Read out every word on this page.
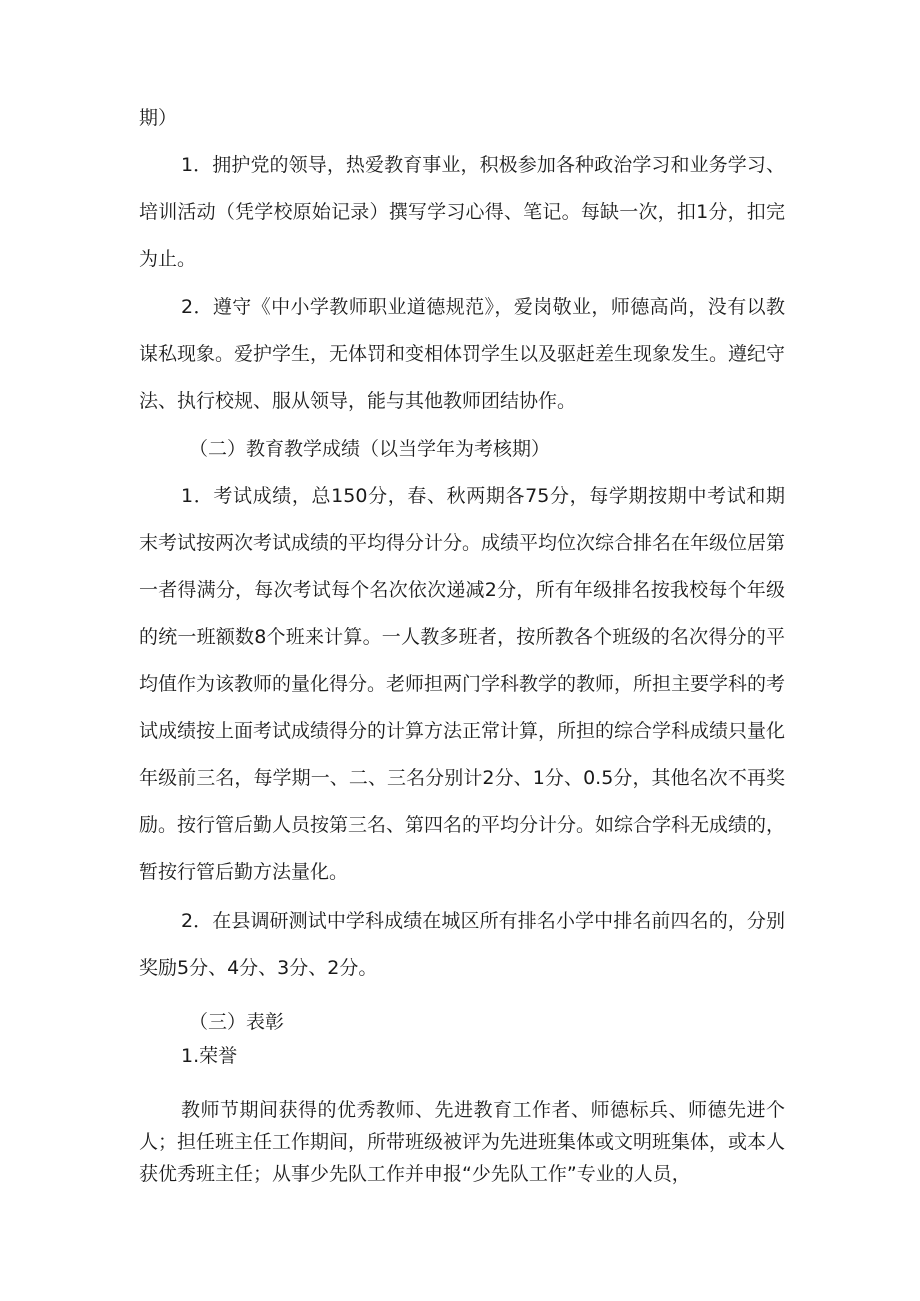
期）

1．拥护党的领导，热爱教育事业，积极参加各种政治学习和业务学习、培训活动（凭学校原始记录）撰写学习心得、笔记。每缺一次，扣1分，扣完为止。

2．遵守《中小学教师职业道德规范》，爱岗敬业，师德高尚，没有以教谋私现象。爱护学生，无体罚和变相体罚学生以及驱赶差生现象发生。遵纪守法、执行校规、服从领导，能与其他教师团结协作。

（二）教育教学成绩（以当学年为考核期）

1．考试成绩，总150分，春、秋两期各75分，每学期按期中考试和期末考试按两次考试成绩的平均得分计分。成绩平均位次综合排名在年级位居第一者得满分，每次考试每个名次依次递减2分，所有年级排名按我校每个年级的统一班额数8个班来计算。一人教多班者，按所教各个班级的名次得分的平均值作为该教师的量化得分。老师担两门学科教学的教师，所担主要学科的考试成绩按上面考试成绩得分的计算方法正常计算，所担的综合学科成绩只量化年级前三名，每学期一、二、三名分别计2分、1分、0.5分，其他名次不再奖励。按行管后勤人员按第三名、第四名的平均分计分。如综合学科无成绩的，暂按行管后勤方法量化。

2．在县调研测试中学科成绩在城区所有排名小学中排名前四名的，分别奖励5分、4分、3分、2分。

（三）表彰

1.荣誉

教师节期间获得的优秀教师、先进教育工作者、师德标兵、师德先进个人；担任班主任工作期间，所带班级被评为先进班集体或文明班集体，或本人获优秀班主任；从事少先队工作并申报“少先队工作”专业的人员，
